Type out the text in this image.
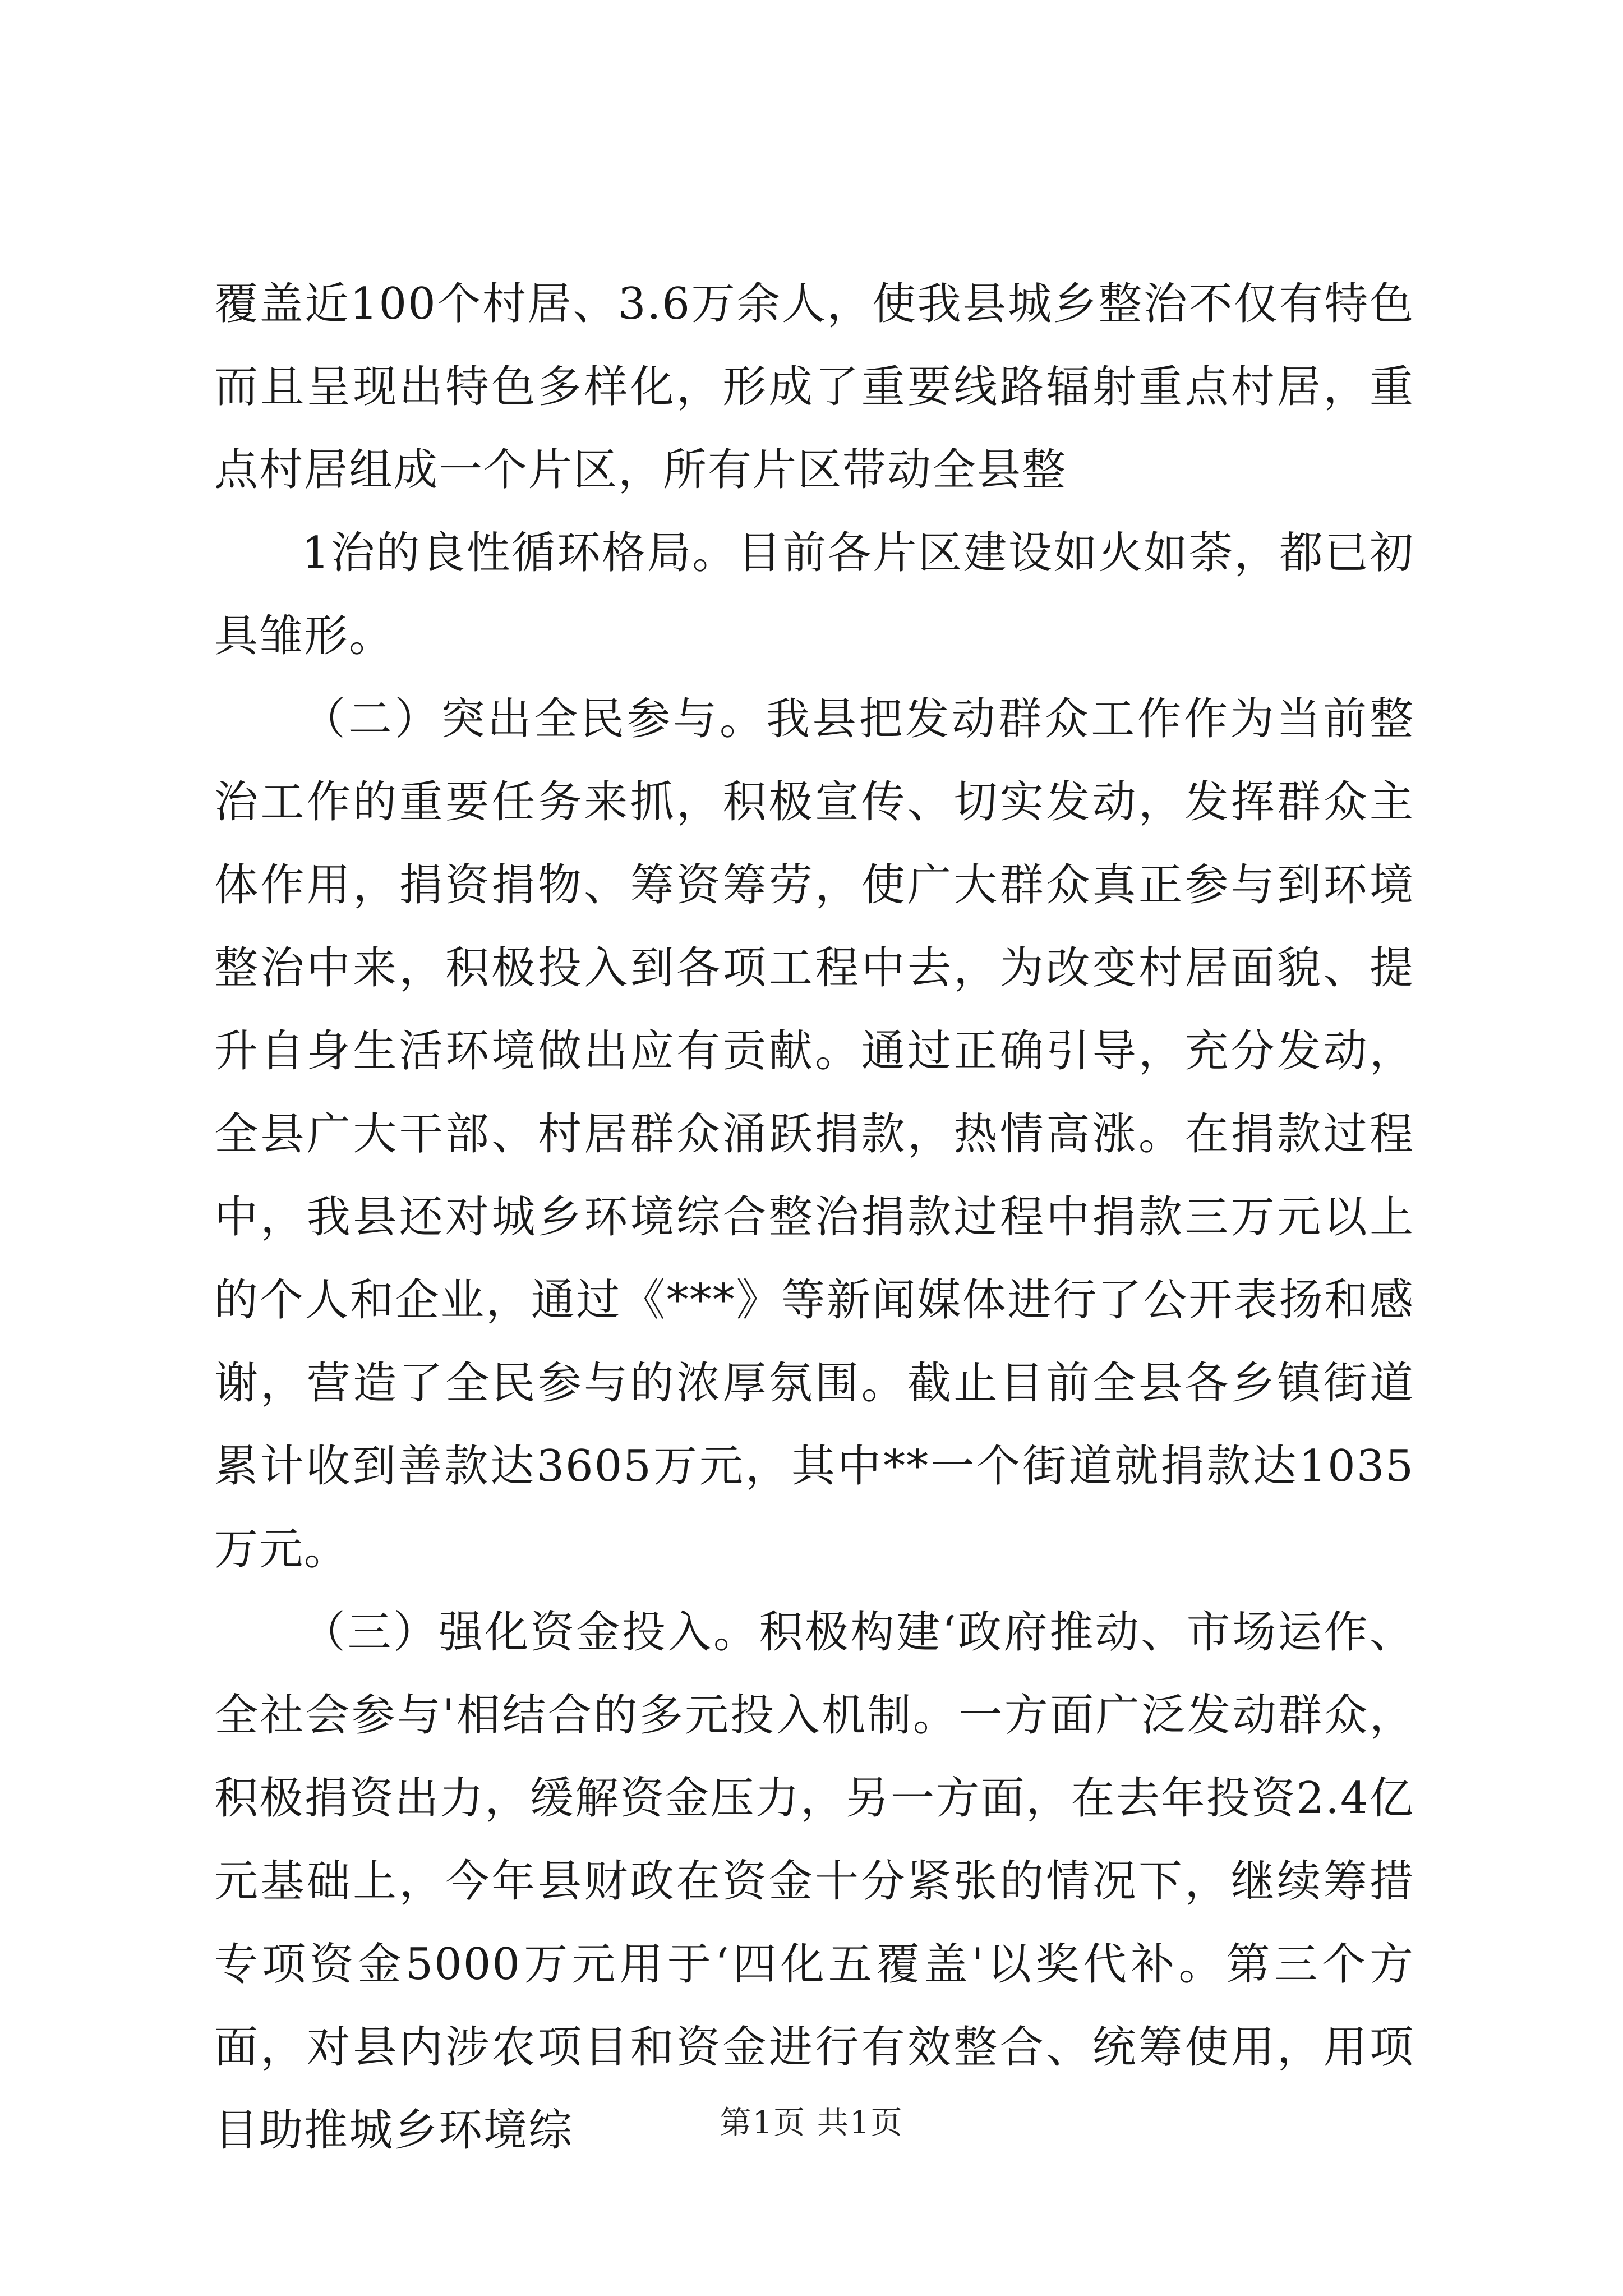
覆盖近100个村居、3.6万余人，使我县城乡整治不仅有特色而且呈现出特色多样化，形成了重要线路辐射重点村居，重点村居组成一个片区，所有片区带动全县整

1治的良性循环格局。目前各片区建设如火如荼，都已初具雏形。

（二）突出全民参与。我县把发动群众工作作为当前整治工作的重要任务来抓，积极宣传、切实发动，发挥群众主体作用，捐资捐物、筹资筹劳，使广大群众真正参与到环境整治中来，积极投入到各项工程中去，为改变村居面貌、提升自身生活环境做出应有贡献。通过正确引导，充分发动，全县广大干部、村居群众涌跃捐款，热情高涨。在捐款过程中，我县还对城乡环境综合整治捐款过程中捐款三万元以上的个人和企业，通过《***》等新闻媒体进行了公开表扬和感谢，营造了全民参与的浓厚氛围。截止目前全县各乡镇街道累计收到善款达3605万元，其中**一个街道就捐款达1035万元。

（三）强化资金投入。积极构建‘政府推动、市场运作、全社会参与'相结合的多元投入机制。一方面广泛发动群众，积极捐资出力，缓解资金压力，另一方面，在去年投资2.4亿元基础上，今年县财政在资金十分紧张的情况下，继续筹措专项资金5000万元用于‘四化五覆盖'以奖代补。第三个方面，对县内涉农项目和资金进行有效整合、统筹使用，用项目助推城乡环境综	第1页 共1页
